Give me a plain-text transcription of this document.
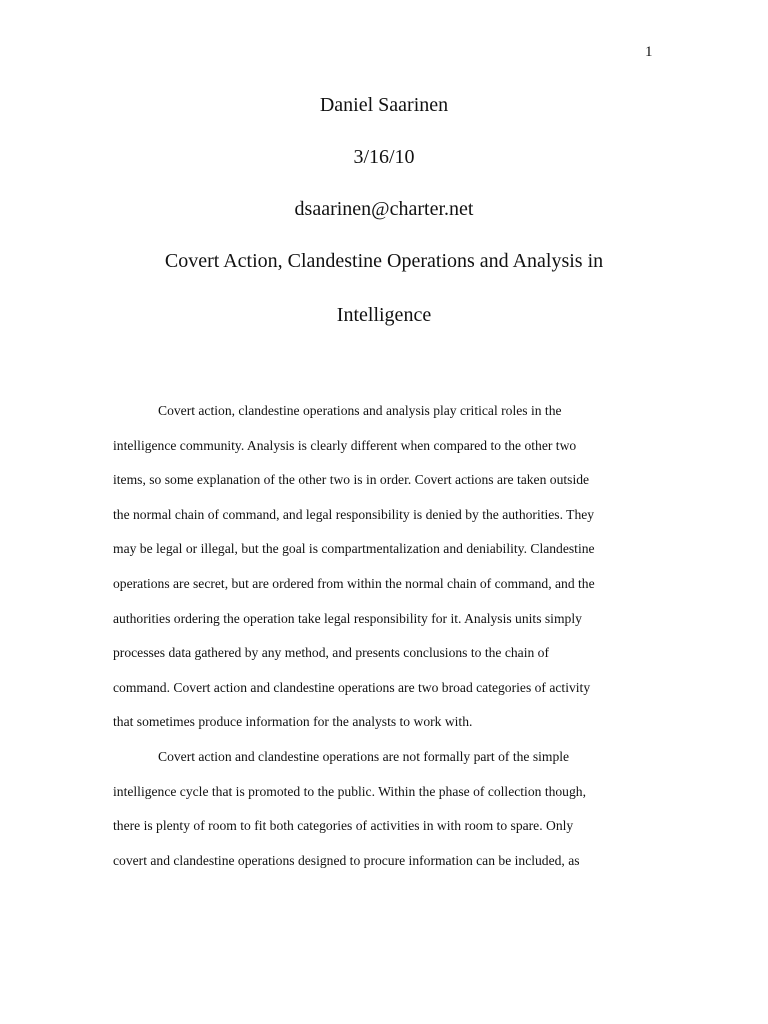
1
Daniel Saarinen
3/16/10
dsaarinen@charter.net
Covert Action, Clandestine Operations and Analysis in
Intelligence
Covert action, clandestine operations and analysis play critical roles in the
intelligence community. Analysis is clearly different when compared to the other two
items, so some explanation of the other two is in order. Covert actions are taken outside
the normal chain of command, and legal responsibility is denied by the authorities. They
may be legal or illegal, but the goal is compartmentalization and deniability. Clandestine
operations are secret, but are ordered from within the normal chain of command, and the
authorities ordering the operation take legal responsibility for it. Analysis units simply
processes data gathered by any method, and presents conclusions to the chain of
command. Covert action and clandestine operations are two broad categories of activity
that sometimes produce information for the analysts to work with.
Covert action and clandestine operations are not formally part of the simple
intelligence cycle that is promoted to the public. Within the phase of collection though,
there is plenty of room to fit both categories of activities in with room to spare. Only
covert and clandestine operations designed to procure information can be included, as
